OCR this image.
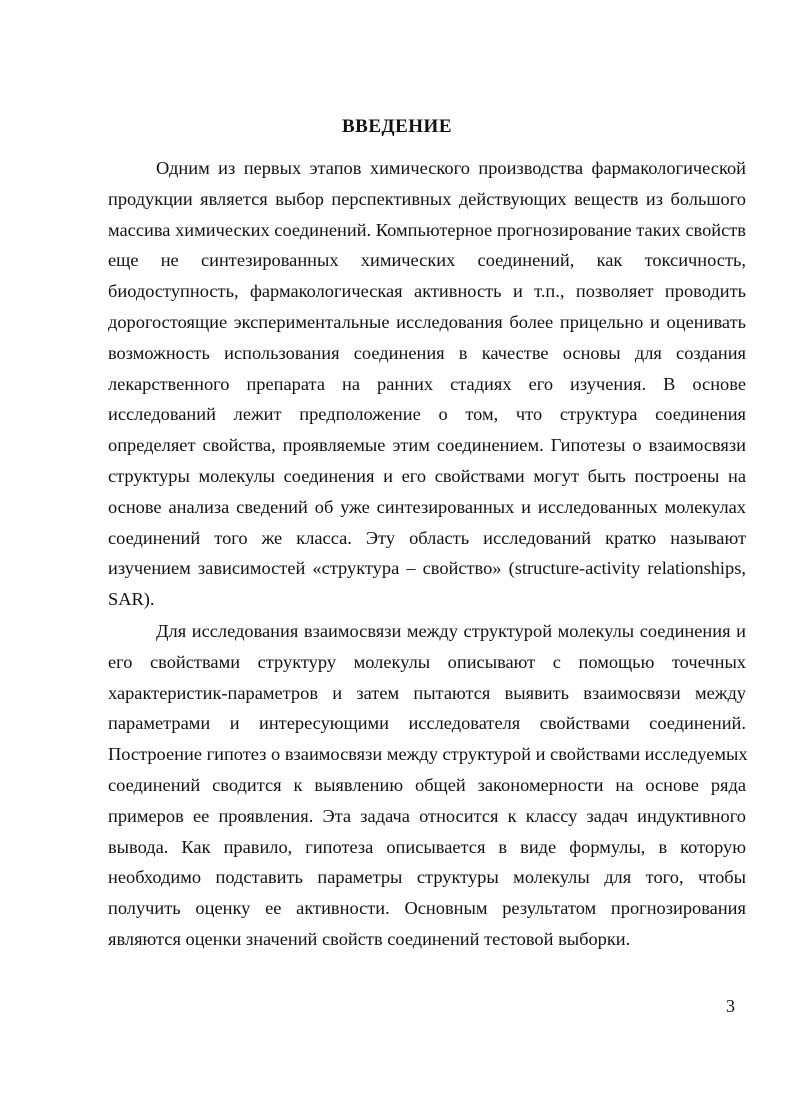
ВВЕДЕНИЕ
Одним из первых этапов химического производства фармакологической
продукции является выбор перспективных действующих веществ из большого
массива химических соединений. Компьютерное прогнозирование таких свойств
еще не синтезированных химических соединений, как токсичность,
биодоступность, фармакологическая активность и т.п., позволяет проводить
дорогостоящие экспериментальные исследования более прицельно и оценивать
возможность использования соединения в качестве основы для создания
лекарственного препарата на ранних стадиях его изучения. В основе
исследований лежит предположение о том, что структура соединения
определяет свойства, проявляемые этим соединением. Гипотезы о взаимосвязи
структуры молекулы соединения и его свойствами могут быть построены на
основе анализа сведений об уже синтезированных и исследованных молекулах
соединений того же класса. Эту область исследований кратко называют
изучением зависимостей «структура – свойство» (structure-activity relationships,
SAR).
Для исследования взаимосвязи между структурой молекулы соединения и
его свойствами структуру молекулы описывают с помощью точечных
характеристик-параметров и затем пытаются выявить взаимосвязи между
параметрами и интересующими исследователя свойствами соединений.
Построение гипотез о взаимосвязи между структурой и свойствами исследуемых
соединений сводится к выявлению общей закономерности на основе ряда
примеров ее проявления. Эта задача относится к классу задач индуктивного
вывода. Как правило, гипотеза описывается в виде формулы, в которую
необходимо подставить параметры структуры молекулы для того, чтобы
получить оценку ее активности. Основным результатом прогнозирования
являются оценки значений свойств соединений тестовой выборки.
3
